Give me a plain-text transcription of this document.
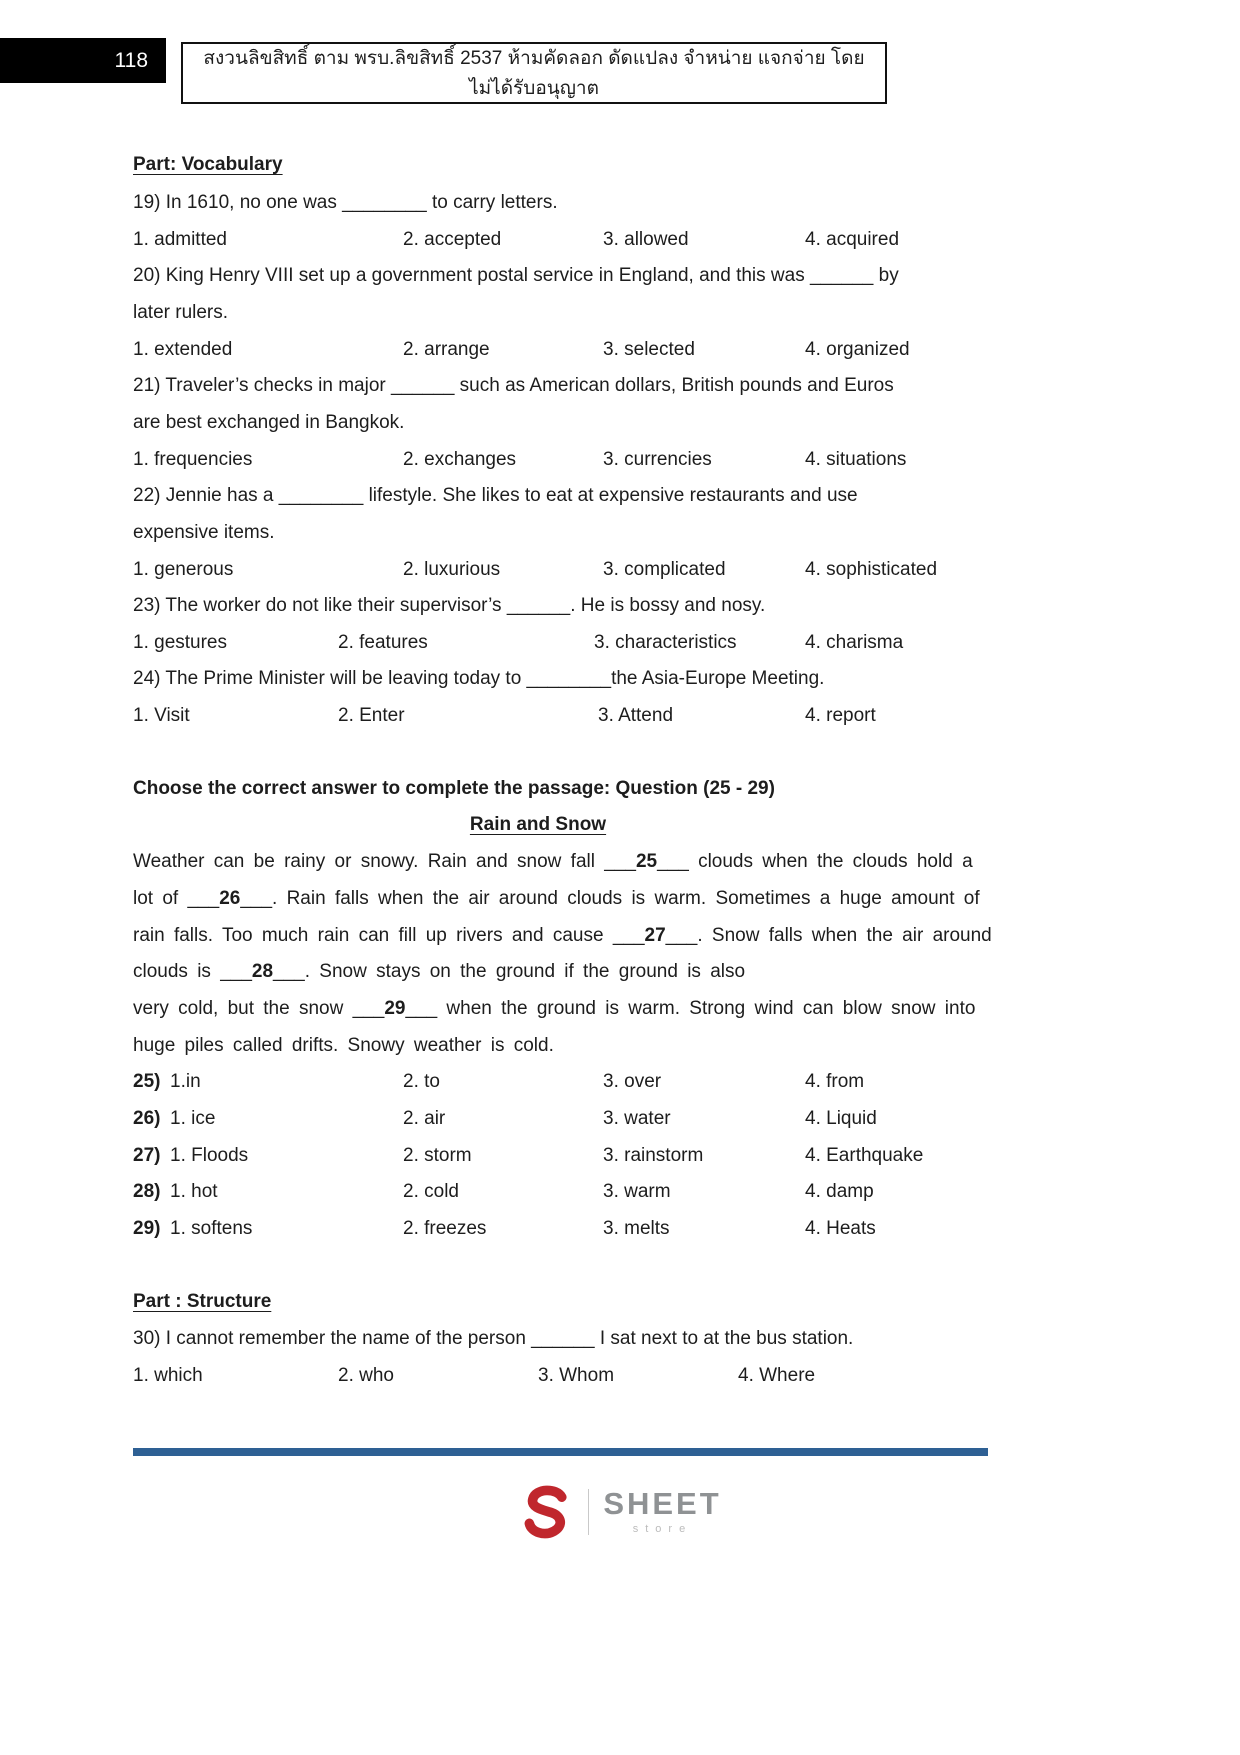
118	สงวนลิขสิทธิ์ ตาม พรบ.ลิขสิทธิ์ 2537 ห้ามคัดลอก ดัดแปลง จำหน่าย แจกจ่าย โดยไม่ได้รับอนุญาต
Part: Vocabulary
19) In 1610, no one was ________ to carry letters.
1. admitted	2. accepted	3. allowed	4. acquired
20) King Henry VIII set up a government postal service in England, and this was ______ by
later rulers.
1. extended	2. arrange	3. selected	4. organized
21) Traveler’s checks in major ______ such as American dollars, British pounds and Euros
are best exchanged in Bangkok.
1. frequencies	2. exchanges	3. currencies	4. situations
22) Jennie has a ________ lifestyle. She likes to eat at expensive restaurants and use
expensive items.
1. generous	2. luxurious	3. complicated	4. sophisticated
23) The worker do not like their supervisor’s ______. He is bossy and nosy.
1. gestures	2. features	3. characteristics	4. charisma
24) The Prime Minister will be leaving today to ________the Asia-Europe Meeting.
1. Visit	2. Enter	3. Attend	4. report
Choose the correct answer to complete the passage: Question (25 - 29)
Rain and Snow
Weather can be rainy or snowy. Rain and snow fall ___25___ clouds when the clouds hold a
lot of ___26___. Rain falls when the air around clouds is warm. Sometimes a huge amount of
rain falls. Too much rain can fill up rivers and cause ___27___. Snow falls when the air around
clouds is ___28___. Snow stays on the ground if the ground is also
very cold, but the snow ___29___ when the ground is warm. Strong wind can blow snow into
huge piles called drifts. Snowy weather is cold.
25) 1.in	2. to	3. over	4. from
26) 1. ice	2. air	3. water	4. Liquid
27) 1. Floods	2. storm	3. rainstorm	4. Earthquake
28) 1. hot	2. cold	3. warm	4. damp
29) 1. softens	2. freezes	3. melts	4. Heats
Part : Structure
30) I cannot remember the name of the person ______ I sat next to at the bus station.
1. which	2. who	3. Whom	4. Where
SHEET
store
